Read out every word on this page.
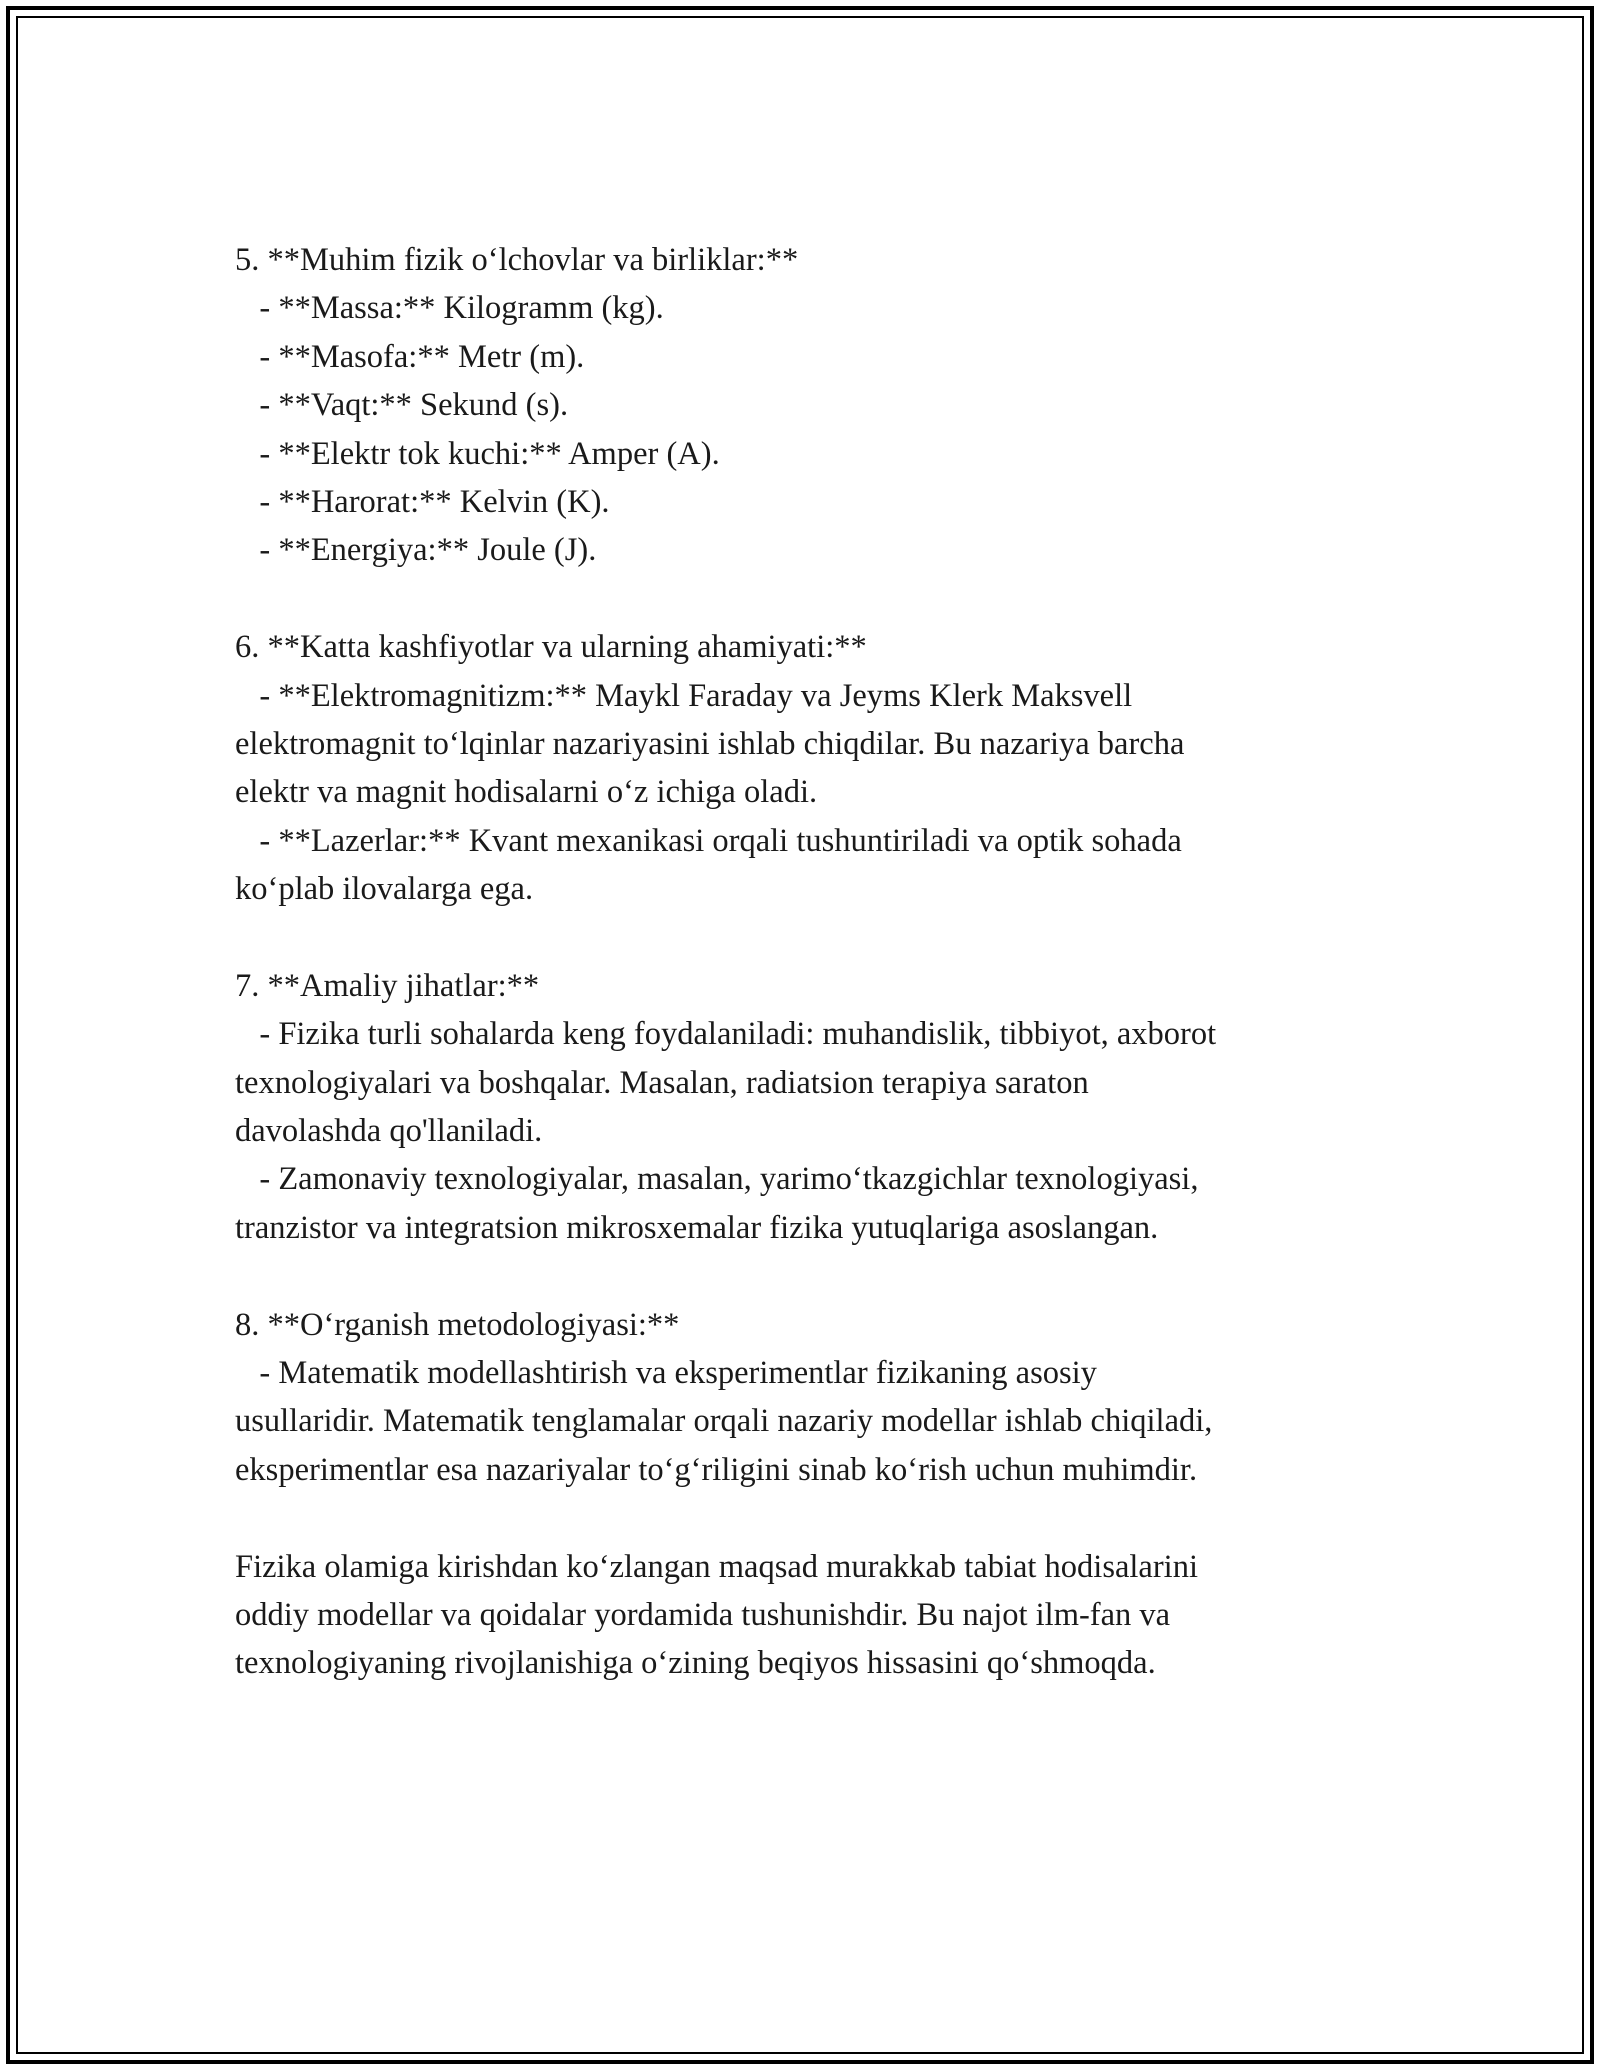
5. **Muhim fizik oʻlchovlar va birliklar:**
- **Massa:** Kilogramm (kg).
- **Masofa:** Metr (m).
- **Vaqt:** Sekund (s).
- **Elektr tok kuchi:** Amper (A).
- **Harorat:** Kelvin (K).
- **Energiya:** Joule (J).
6. **Katta kashfiyotlar va ularning ahamiyati:**
- **Elektromagnitizm:** Maykl Faraday va Jeyms Klerk Maksvell
elektromagnit toʻlqinlar nazariyasini ishlab chiqdilar. Bu nazariya barcha
elektr va magnit hodisalarni oʻz ichiga oladi.
- **Lazerlar:** Kvant mexanikasi orqali tushuntiriladi va optik sohada
koʻplab ilovalarga ega.
7. **Amaliy jihatlar:**
- Fizika turli sohalarda keng foydalaniladi: muhandislik, tibbiyot, axborot
texnologiyalari va boshqalar. Masalan, radiatsion terapiya saraton
davolashda qo'llaniladi.
- Zamonaviy texnologiyalar, masalan, yarimoʻtkazgichlar texnologiyasi,
tranzistor va integratsion mikrosxemalar fizika yutuqlariga asoslangan.
8. **Oʻrganish metodologiyasi:**
- Matematik modellashtirish va eksperimentlar fizikaning asosiy
usullaridir. Matematik tenglamalar orqali nazariy modellar ishlab chiqiladi,
eksperimentlar esa nazariyalar toʻgʻriligini sinab koʻrish uchun muhimdir.
Fizika olamiga kirishdan koʻzlangan maqsad murakkab tabiat hodisalarini
oddiy modellar va qoidalar yordamida tushunishdir. Bu najot ilm-fan va
texnologiyaning rivojlanishiga oʻzining beqiyos hissasini qoʻshmoqda.
